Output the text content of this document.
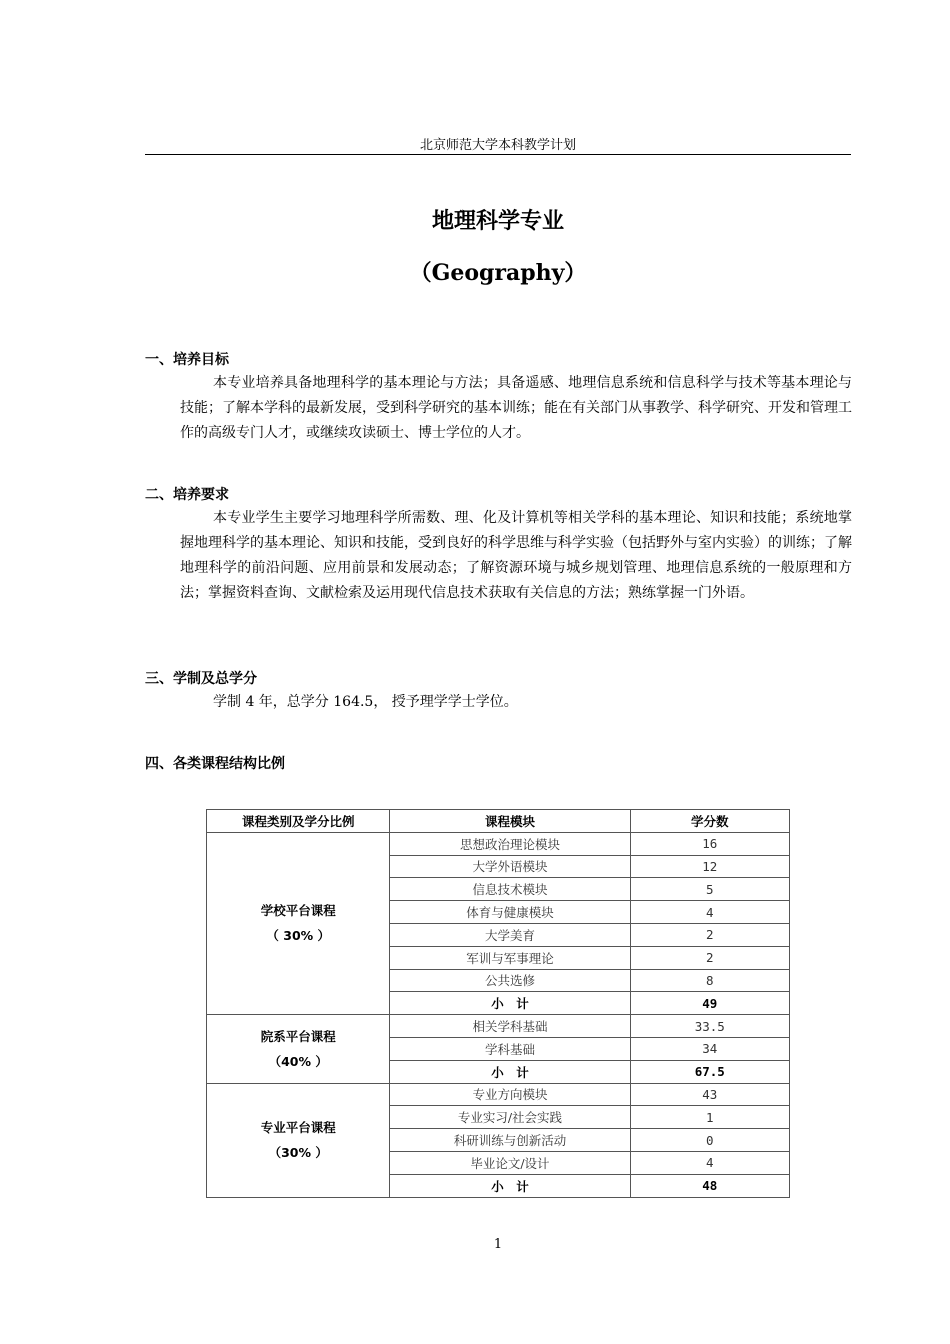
北京师范大学本科教学计划
地理科学专业
（Geography）
一、培养目标
本专业培养具备地理科学的基本理论与方法；具备遥感、地理信息系统和信息科学与技术等基本理论与技能；了解本学科的最新发展，受到科学研究的基本训练；能在有关部门从事教学、科学研究、开发和管理工作的高级专门人才，或继续攻读硕士、博士学位的人才。
二、培养要求
本专业学生主要学习地理科学所需数、理、化及计算机等相关学科的基本理论、知识和技能；系统地掌握地理科学的基本理论、知识和技能，受到良好的科学思维与科学实验（包括野外与室内实验）的训练；了解地理科学的前沿问题、应用前景和发展动态；了解资源环境与城乡规划管理、地理信息系统的一般原理和方法；掌握资料查询、文献检索及运用现代信息技术获取有关信息的方法；熟练掌握一门外语。
三、学制及总学分
学制 4 年，总学分 164.5， 授予理学学士学位。
四、各类课程结构比例
课程类别及学分比例	课程模块	学分数

学校平台课程
（ 30% ）	思想政治理论模块	16
	大学外语模块	12
	信息技术模块	5
	体育与健康模块	4
	大学美育	2
	军训与军事理论	2
	公共选修	8
	小　计	49

院系平台课程
（40% ）	相关学科基础	33.5
	学科基础	34
	小　计	67.5

专业平台课程
（30% ）	专业方向模块	43
	专业实习/社会实践	1
	科研训练与创新活动	0
	毕业论文/设计	4
	小　计	48
1
